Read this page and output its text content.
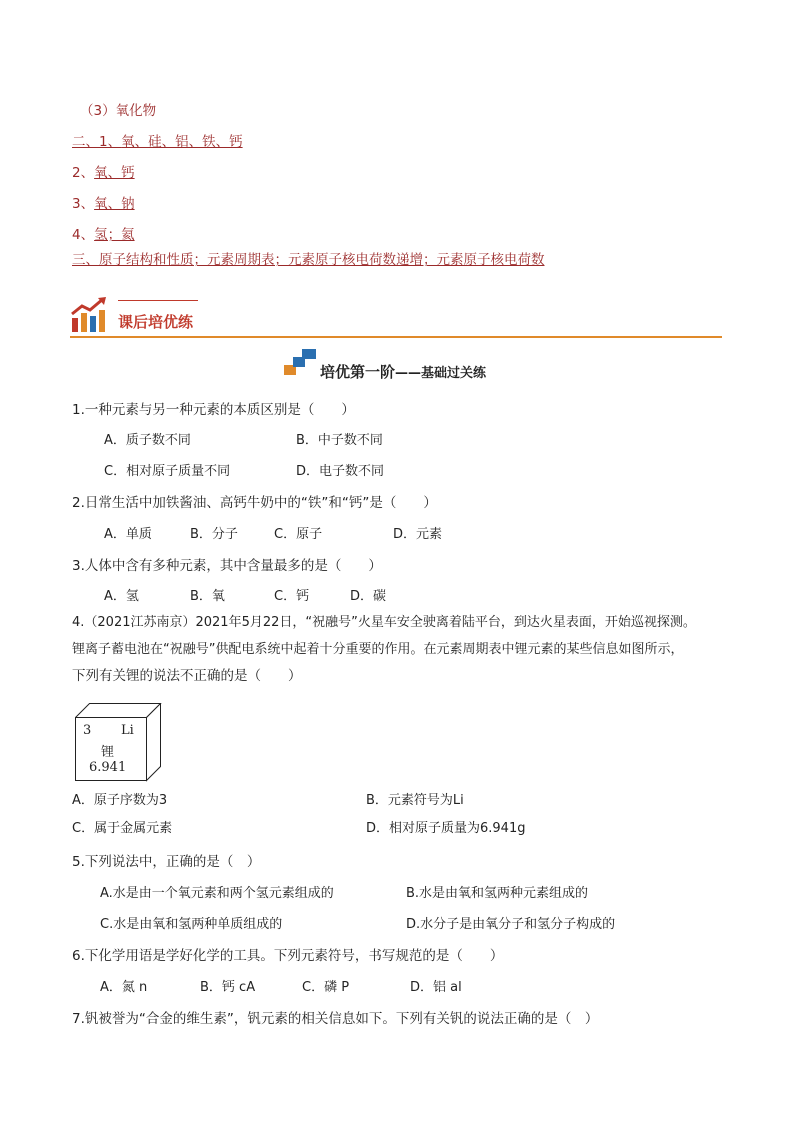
（3）氧化物
二、1、氧、硅、铝、铁、钙
2、氧、钙
3、氧、钠
4、氢；氦
三、原子结构和性质；元素周期表；元素原子核电荷数递增；元素原子核电荷数
课后培优练
培优第一阶——基础过关练
1.一种元素与另一种元素的本质区别是（　　）
A．质子数不同	B．中子数不同
C．相对原子质量不同	D．电子数不同
2.日常生活中加铁酱油、高钙牛奶中的“铁”和“钙”是（　　）
A．单质	B．分子	C．原子	D．元素
3.人体中含有多种元素，其中含量最多的是（　　）
A．氢	B．氧	C．钙	D．碳
4.（2021江苏南京）2021年5月22日，“祝融号”火星车安全驶离着陆平台，到达火星表面，开始巡视探测。
锂离子蓄电池在“祝融号”供配电系统中起着十分重要的作用。在元素周期表中锂元素的某些信息如图所示，
下列有关锂的说法不正确的是（　　）
3 Li
锂
6.941
A．原子序数为3	B．元素符号为Li
C．属于金属元素	D．相对原子质量为6.941g
5.下列说法中，正确的是（　）
A.水是由一个氧元素和两个氢元素组成的	B.水是由氧和氢两种元素组成的
C.水是由氧和氢两种单质组成的	D.水分子是由氧分子和氢分子构成的
6.下化学用语是学好化学的工具。下列元素符号，书写规范的是（　　）
A．氮 n	B．钙 cA	C．磷 P	D．铝 al
7.钒被誉为“合金的维生素”，钒元素的相关信息如下。下列有关钒的说法正确的是（　）
